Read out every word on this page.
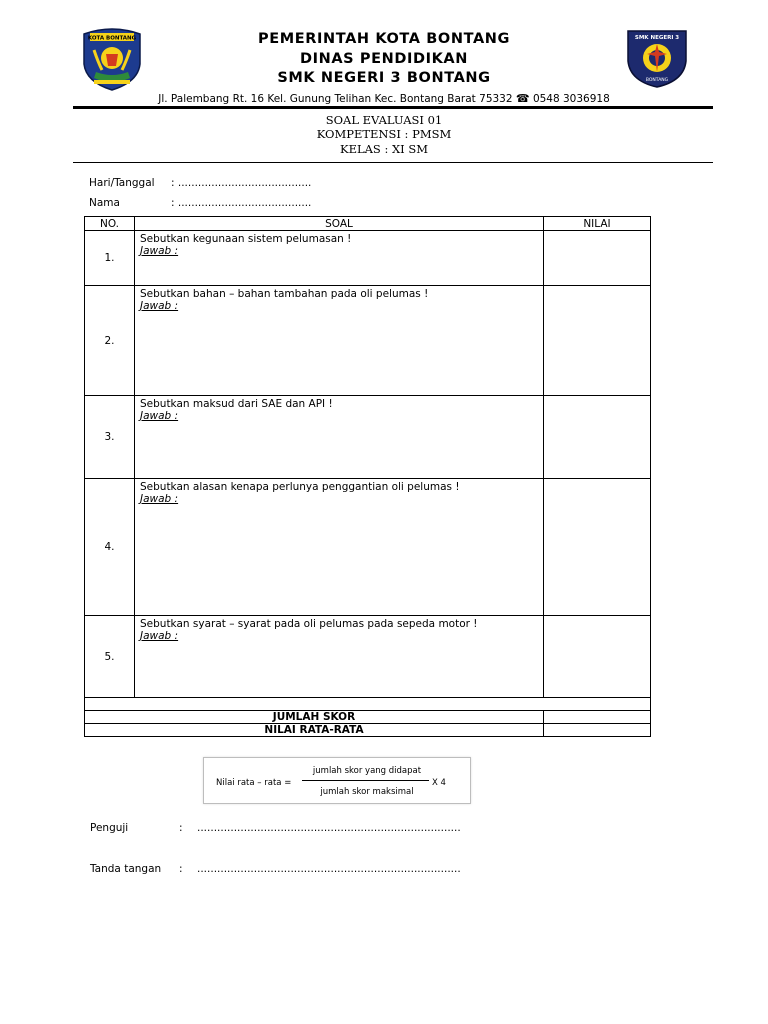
KOTA BONTANG	SMK NEGERI 3
BONTANG
PEMERINTAH KOTA BONTANG
DINAS PENDIDIKAN
SMK NEGERI 3 BONTANG
Jl. Palembang Rt. 16 Kel. Gunung Telihan Kec. Bontang Barat 75332 ☎ 0548 3036918
SOAL EVALUASI 01
KOMPETENSI : PMSM
KELAS : XI SM
Hari/Tanggal : ........................................
Nama	: ........................................
NO.	SOAL	NILAI
1.	Sebutkan kegunaan sistem pelumasan !
Jawab :	

2.	Sebutkan bahan – bahan tambahan pada oli pelumas !
Jawab :	

3.	Sebutkan maksud dari SAE dan API !
Jawab :	

4.	Sebutkan alasan kenapa perlunya penggantian oli pelumas !
Jawab :	

5.	Sebutkan syarat – syarat pada oli pelumas pada sepeda motor !
Jawab :	

JUMLAH SKOR		
NILAI RATA-RATA		
Nilai rata – rata =
jumlah skor yang didapat
jumlah skor maksimal
X 4
Penguji	: ...............................................................................
Tanda tangan : ...............................................................................
